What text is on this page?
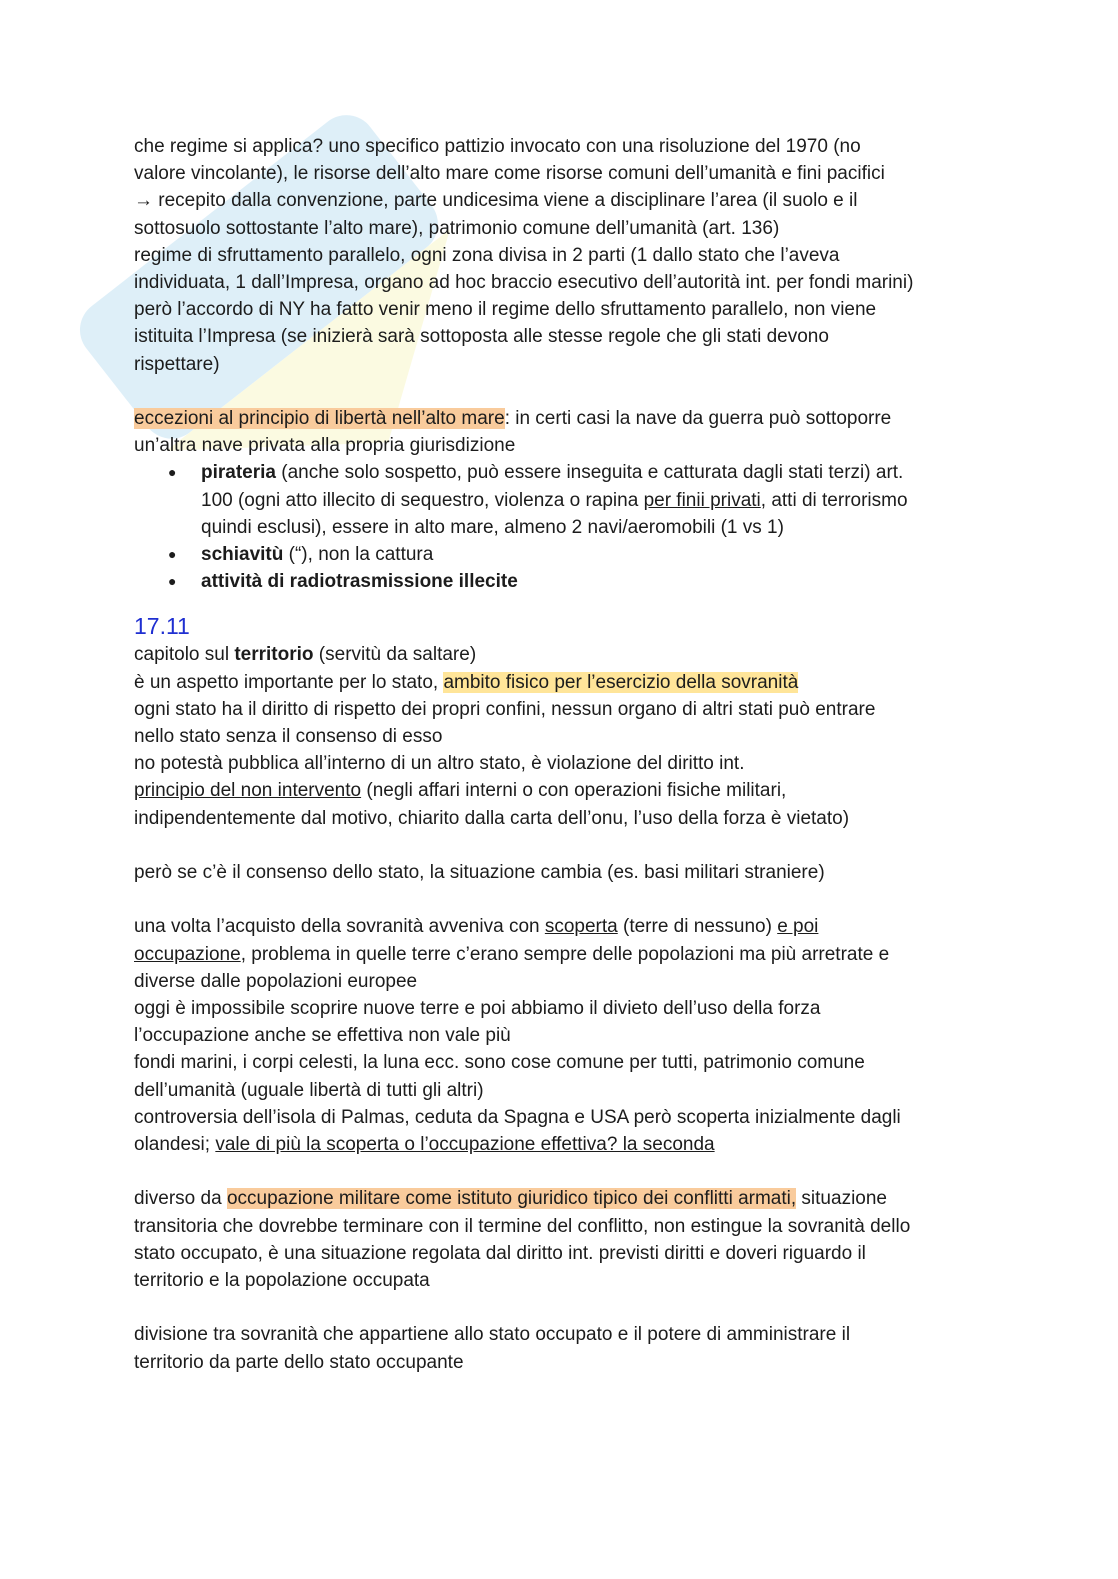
che regime si applica? uno specifico pattizio invocato con una risoluzione del 1970 (no

valore vincolante), le risorse dell’alto mare come risorse comuni dell’umanità e fini pacifici

→ recepito dalla convenzione, parte undicesima viene a disciplinare l’area (il suolo e il

sottosuolo sottostante l’alto mare), patrimonio comune dell’umanità (art. 136)

regime di sfruttamento parallelo, ogni zona divisa in 2 parti (1 dallo stato che l’aveva

individuata, 1 dall’Impresa, organo ad hoc braccio esecutivo dell’autorità int. per fondi marini)

però l’accordo di NY ha fatto venir meno il regime dello sfruttamento parallelo, non viene

istituita l’Impresa (se inizierà sarà sottoposta alle stesse regole che gli stati devono

rispettare)

eccezioni al principio di libertà nell’alto mare: in certi casi la nave da guerra può sottoporre

un’altra nave privata alla propria giurisdizione

● pirateria (anche solo sospetto, può essere inseguita e catturata dagli stati terzi) art.
100 (ogni atto illecito di sequestro, violenza o rapina per finii privati, atti di terrorismo
quindi esclusi), essere in alto mare, almeno 2 navi/aeromobili (1 vs 1)
● schiavitù (“), non la cattura
● attività di radiotrasmissione illecite
17.11

capitolo sul territorio (servitù da saltare)

è un aspetto importante per lo stato, ambito fisico per l’esercizio della sovranità

ogni stato ha il diritto di rispetto dei propri confini, nessun organo di altri stati può entrare

nello stato senza il consenso di esso

no potestà pubblica all’interno di un altro stato, è violazione del diritto int.

principio del non intervento (negli affari interni o con operazioni fisiche militari,

indipendentemente dal motivo, chiarito dalla carta dell’onu, l’uso della forza è vietato)

però se c’è il consenso dello stato, la situazione cambia (es. basi militari straniere)

una volta l’acquisto della sovranità avveniva con scoperta (terre di nessuno) e poi

occupazione, problema in quelle terre c’erano sempre delle popolazioni ma più arretrate e

diverse dalle popolazioni europee

oggi è impossibile scoprire nuove terre e poi abbiamo il divieto dell’uso della forza

l’occupazione anche se effettiva non vale più

fondi marini, i corpi celesti, la luna ecc. sono cose comune per tutti, patrimonio comune

dell’umanità (uguale libertà di tutti gli altri)

controversia dell’isola di Palmas, ceduta da Spagna e USA però scoperta inizialmente dagli

olandesi; vale di più la scoperta o l’occupazione effettiva? la seconda

diverso da occupazione militare come istituto giuridico tipico dei conflitti armati, situazione

transitoria che dovrebbe terminare con il termine del conflitto, non estingue la sovranità dello

stato occupato, è una situazione regolata dal diritto int. previsti diritti e doveri riguardo il

territorio e la popolazione occupata

divisione tra sovranità che appartiene allo stato occupato e il potere di amministrare il

territorio da parte dello stato occupante
